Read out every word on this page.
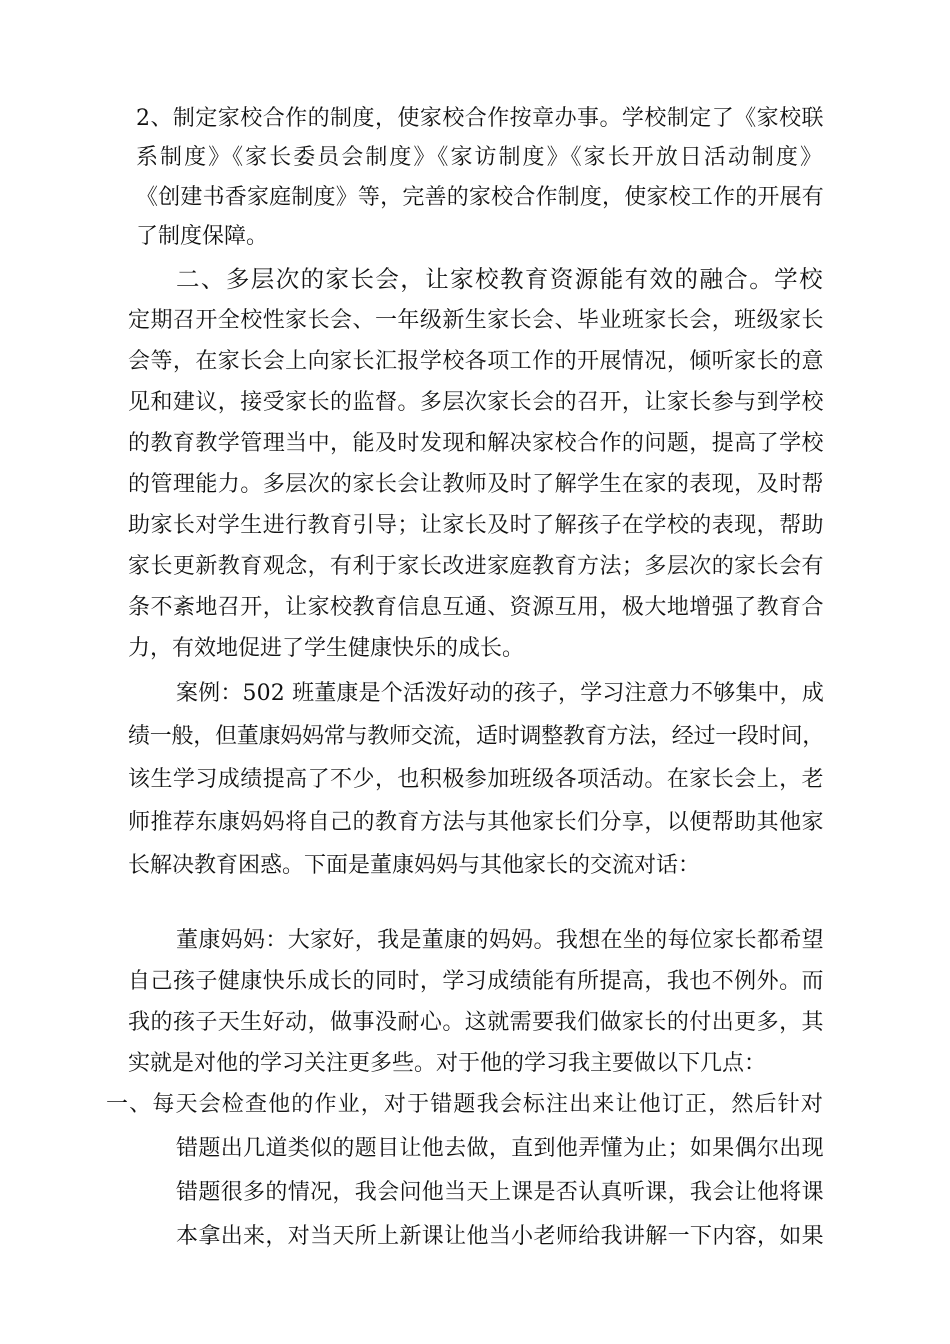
2、制定家校合作的制度，使家校合作按章办事。学校制定了《家校联
系制度》《家长委员会制度》《家访制度》《家长开放日活动制度》
《创建书香家庭制度》等，完善的家校合作制度，使家校工作的开展有
了制度保障。
二、多层次的家长会，让家校教育资源能有效的融合。学校
定期召开全校性家长会、一年级新生家长会、毕业班家长会，班级家长
会等，在家长会上向家长汇报学校各项工作的开展情况，倾听家长的意
见和建议，接受家长的监督。多层次家长会的召开，让家长参与到学校
的教育教学管理当中，能及时发现和解决家校合作的问题，提高了学校
的管理能力。多层次的家长会让教师及时了解学生在家的表现，及时帮
助家长对学生进行教育引导；让家长及时了解孩子在学校的表现，帮助
家长更新教育观念，有利于家长改进家庭教育方法；多层次的家长会有
条不紊地召开，让家校教育信息互通、资源互用，极大地增强了教育合
力，有效地促进了学生健康快乐的成长。
案例：502 班董康是个活泼好动的孩子，学习注意力不够集中，成
绩一般，但董康妈妈常与教师交流，适时调整教育方法，经过一段时间，
该生学习成绩提高了不少，也积极参加班级各项活动。在家长会上，老
师推荐东康妈妈将自己的教育方法与其他家长们分享，以便帮助其他家
长解决教育困惑。下面是董康妈妈与其他家长的交流对话：
董康妈妈：大家好，我是董康的妈妈。我想在坐的每位家长都希望
自己孩子健康快乐成长的同时，学习成绩能有所提高，我也不例外。而
我的孩子天生好动，做事没耐心。这就需要我们做家长的付出更多，其
实就是对他的学习关注更多些。对于他的学习我主要做以下几点：
一、每天会检查他的作业，对于错题我会标注出来让他订正，然后针对
错题出几道类似的题目让他去做，直到他弄懂为止；如果偶尔出现
错题很多的情况，我会问他当天上课是否认真听课，我会让他将课
本拿出来，对当天所上新课让他当小老师给我讲解一下内容，如果
